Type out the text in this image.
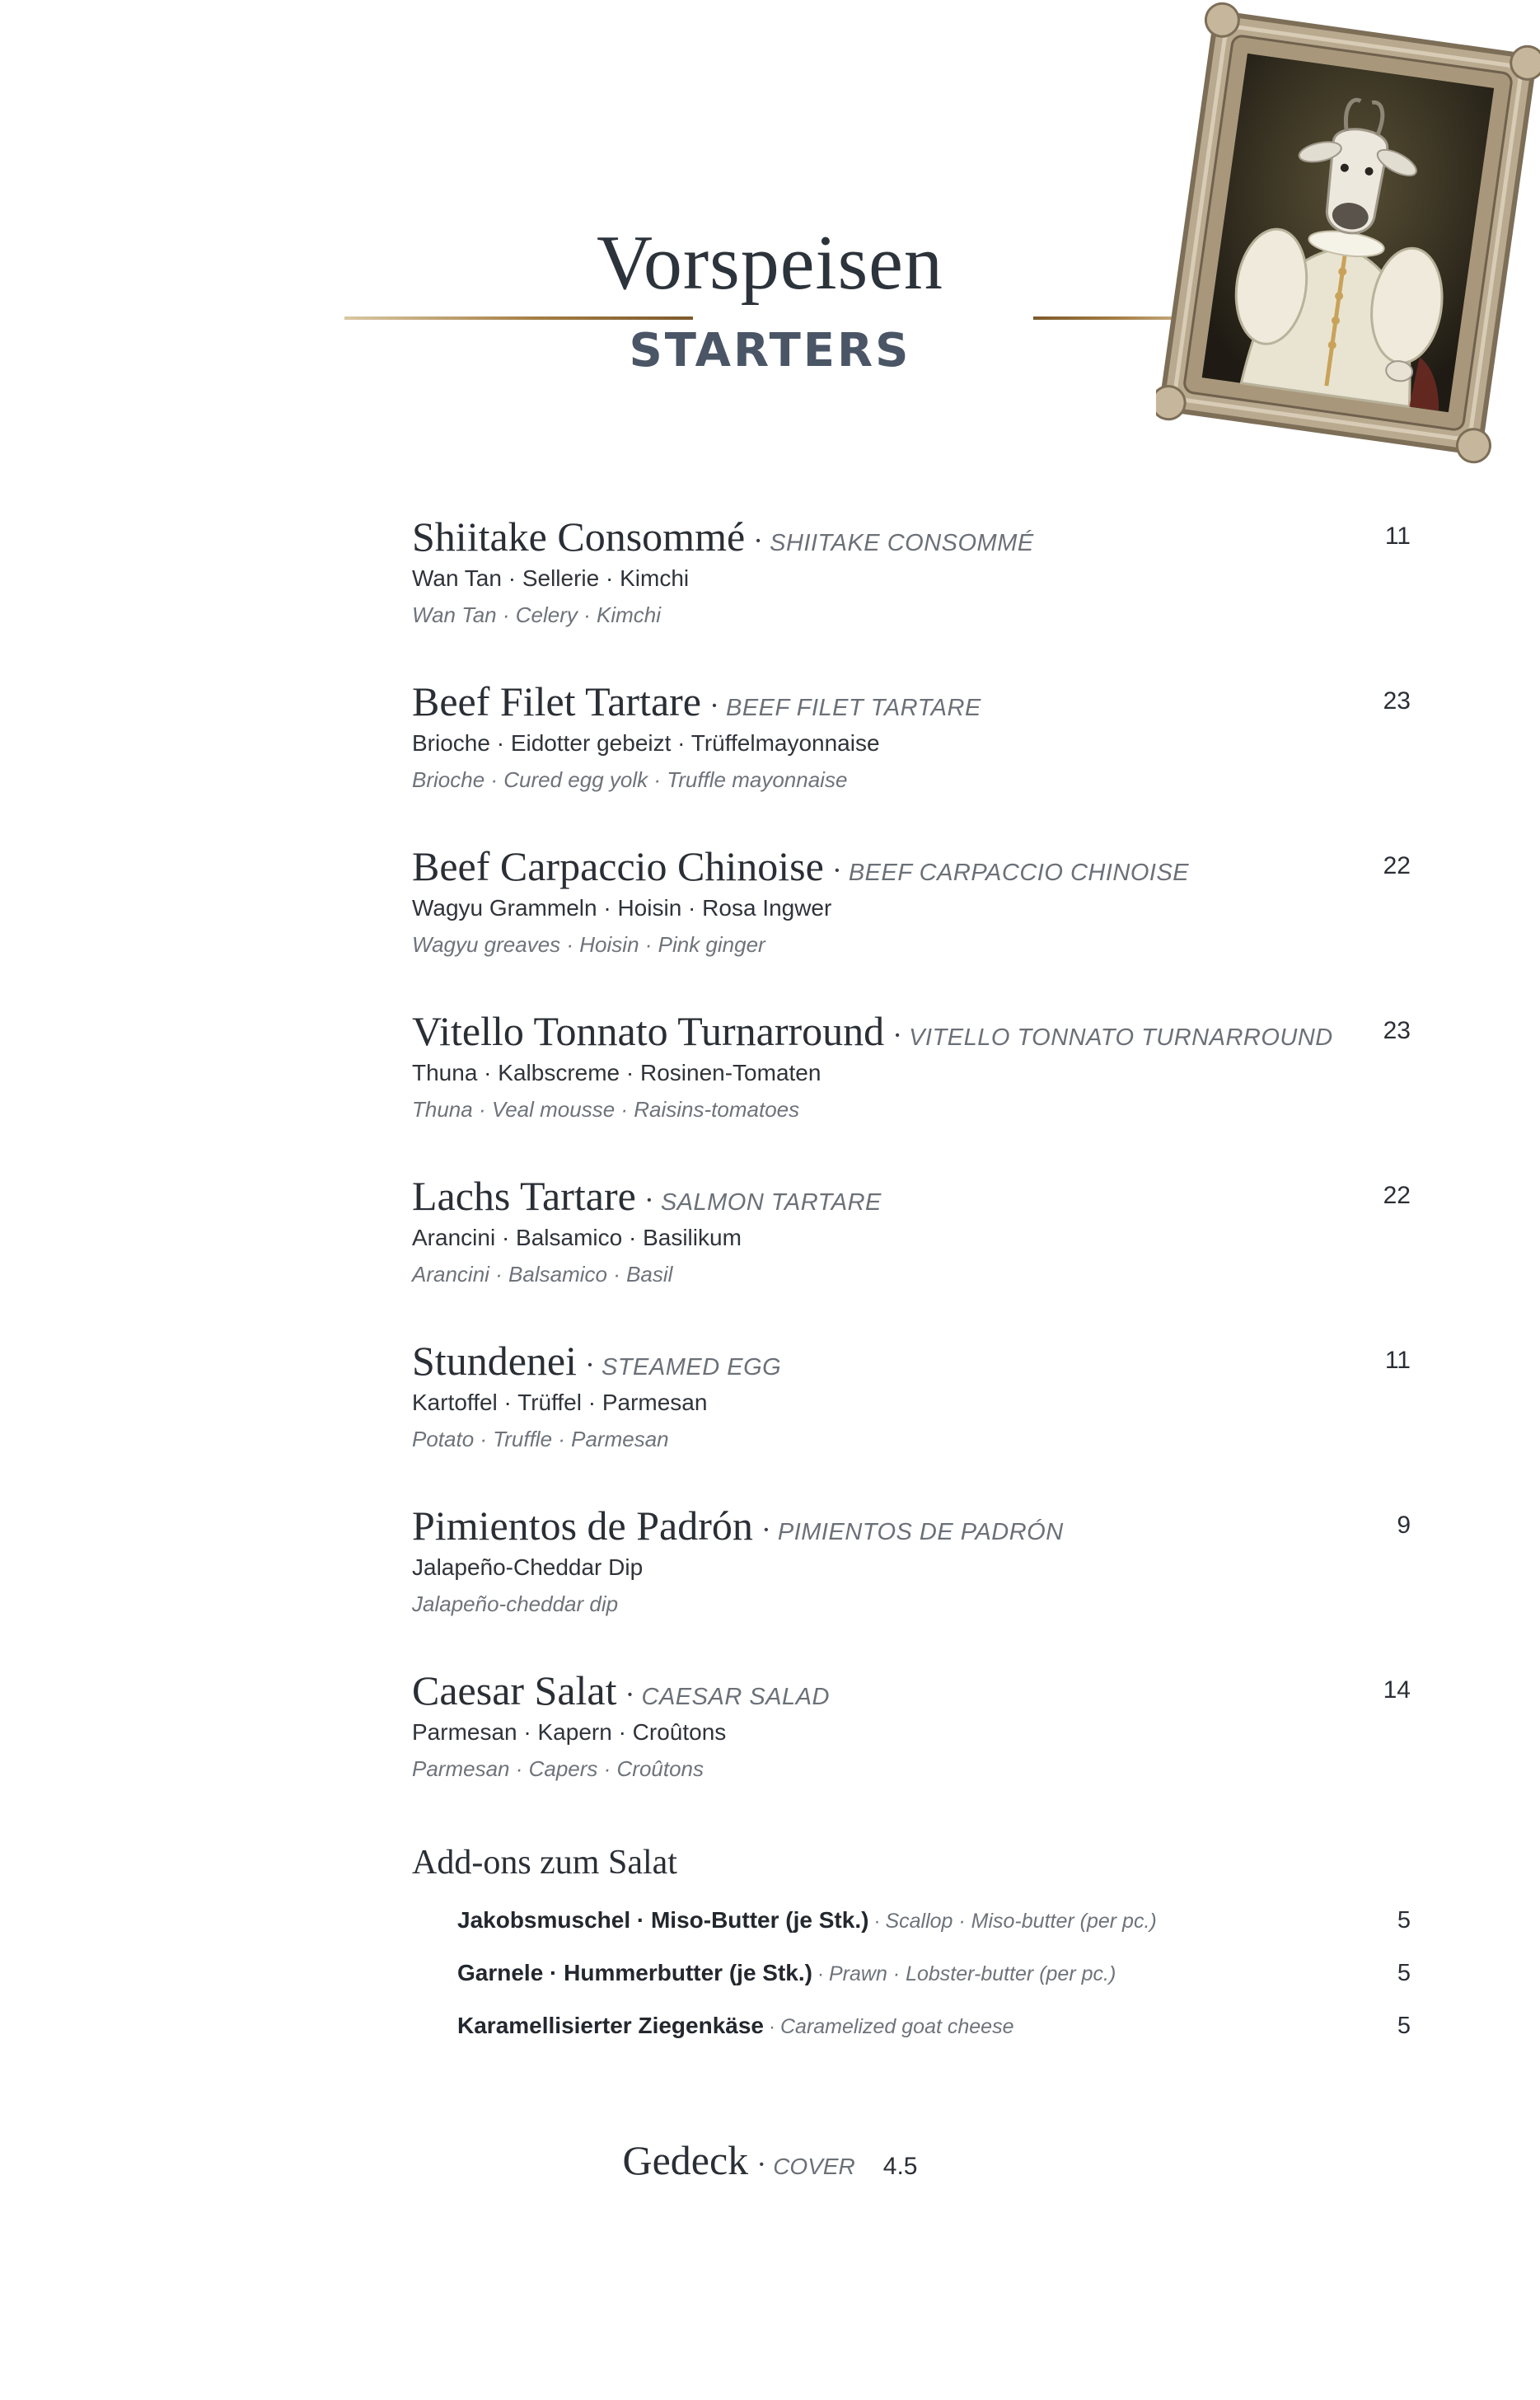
Vorspeisen
STARTERS
Shiitake Consommé · SHIITAKE CONSOMMÉ	11
Wan Tan · Sellerie · Kimchi
Wan Tan · Celery · Kimchi
Beef Filet Tartare · BEEF FILET TARTARE	23
Brioche · Eidotter gebeizt · Trüffelmayonnaise
Brioche · Cured egg yolk · Truffle mayonnaise
Beef Carpaccio Chinoise · BEEF CARPACCIO CHINOISE	22
Wagyu Grammeln · Hoisin · Rosa Ingwer
Wagyu greaves · Hoisin · Pink ginger
Vitello Tonnato Turnarround · VITELLO TONNATO TURNARROUND 23
Thuna · Kalbscreme · Rosinen-Tomaten
Thuna · Veal mousse · Raisins-tomatoes
Lachs Tartare · SALMON TARTARE	22
Arancini · Balsamico · Basilikum
Arancini · Balsamico · Basil
Stundenei · STEAMED EGG	11
Kartoffel · Trüffel · Parmesan
Potato · Truffle · Parmesan
Pimientos de Padrón · PIMIENTOS DE PADRÓN	9
Jalapeño-Cheddar Dip
Jalapeño-cheddar dip
Caesar Salat · CAESAR SALAD	14
Parmesan · Kapern · Croûtons
Parmesan · Capers · Croûtons
Add-ons zum Salat
Jakobsmuschel · Miso-Butter (je Stk.) · Scallop · Miso-butter (per pc.)	5
Garnele · Hummerbutter (je Stk.) · Prawn · Lobster-butter (per pc.)	5
Karamellisierter Ziegenkäse · Caramelized goat cheese	5
Gedeck · COVER 4.5
